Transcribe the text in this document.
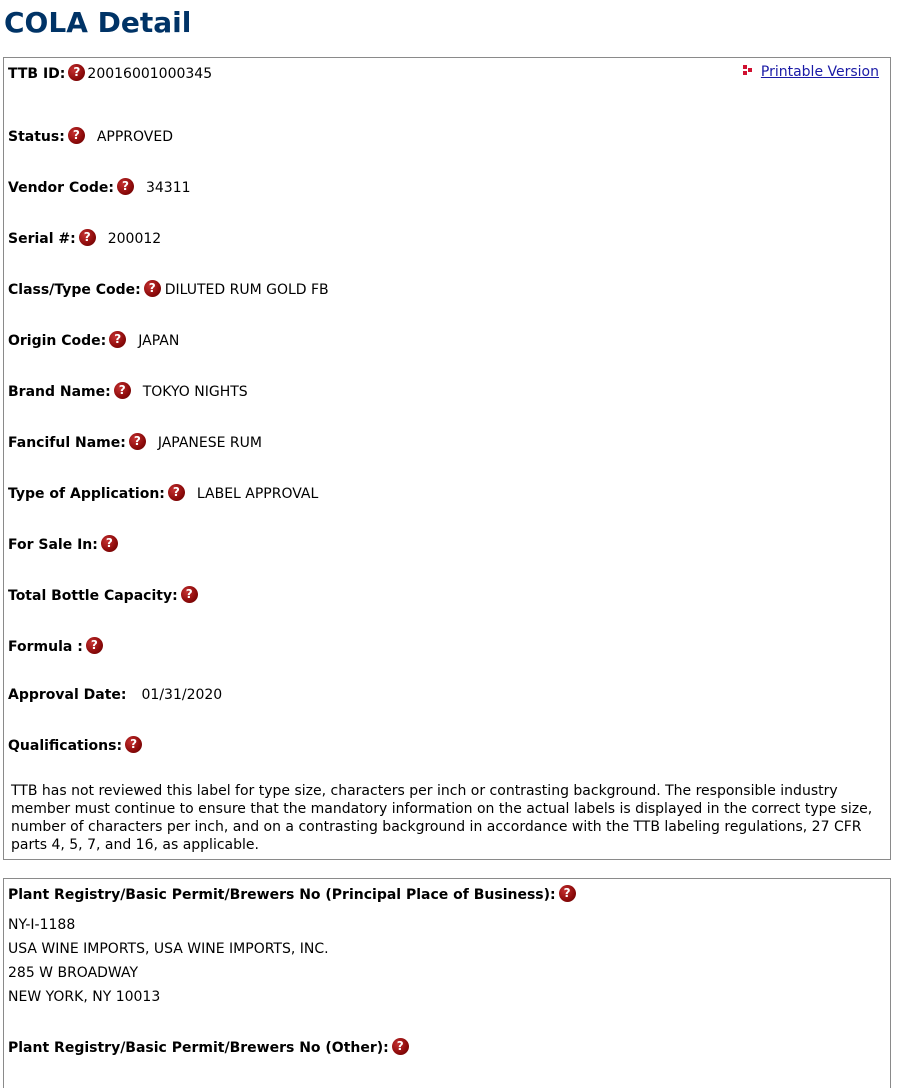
COLA Detail
Printable Version
TTB ID: ? 20016001000345
Status: ? APPROVED
Vendor Code: ? 34311
Serial #: ? 200012
Class/Type Code: ? DILUTED RUM GOLD FB
Origin Code: ? JAPAN
Brand Name: ? TOKYO NIGHTS
Fanciful Name: ? JAPANESE RUM
Type of Application: ? LABEL APPROVAL
For Sale In: ?
Total Bottle Capacity: ?
Formula : ?
Approval Date: 01/31/2020
Qualifications: ?
TTB has not reviewed this label for type size, characters per inch or contrasting background. The responsible industry member must continue to ensure that the mandatory information on the actual labels is displayed in the correct type size, number of characters per inch, and on a contrasting background in accordance with the TTB labeling regulations, 27 CFR parts 4, 5, 7, and 16, as applicable.
Plant Registry/Basic Permit/Brewers No (Principal Place of Business): ?
NY-I-1188
USA WINE IMPORTS, USA WINE IMPORTS, INC.
285 W BROADWAY
NEW YORK, NY 10013
Plant Registry/Basic Permit/Brewers No (Other): ?
